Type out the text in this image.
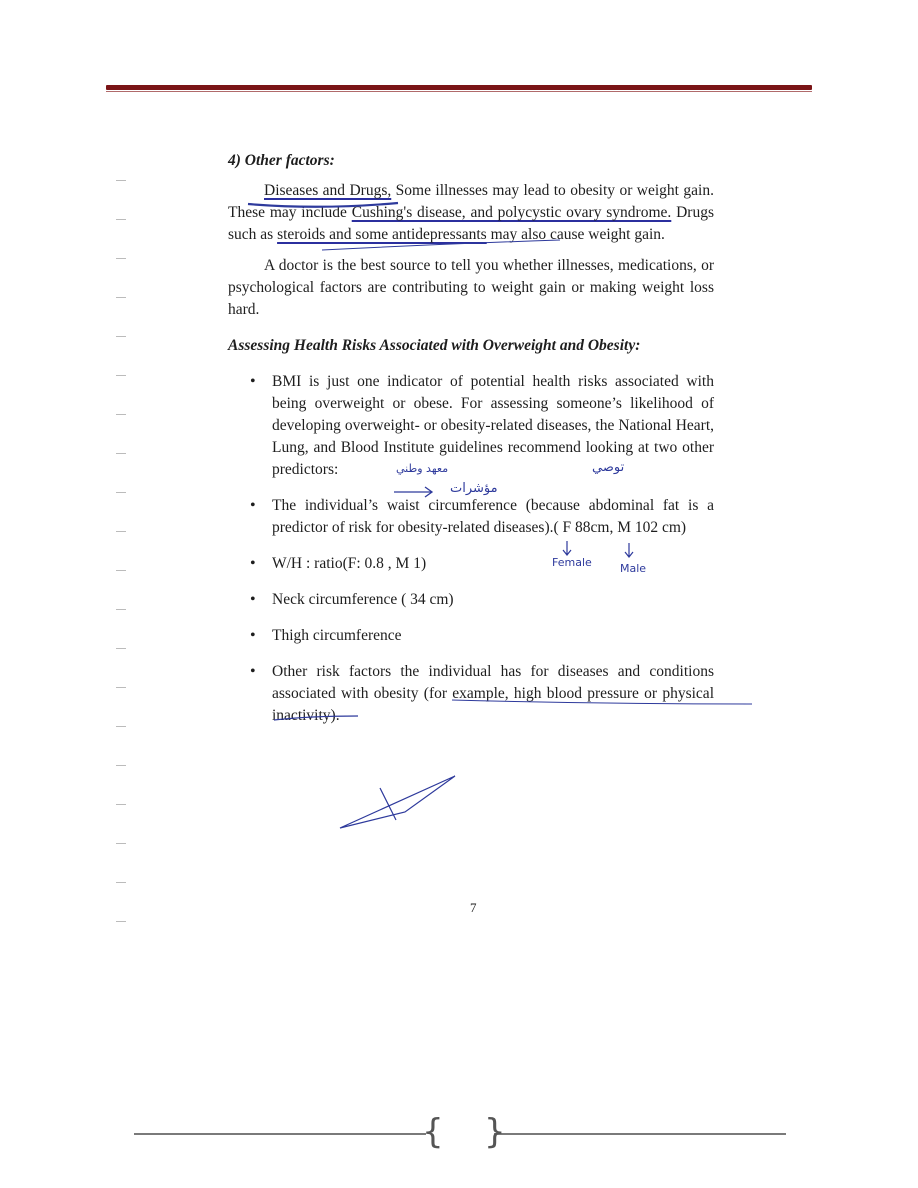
4) Other factors:

Diseases and Drugs, Some illnesses may lead to obesity or weight gain. These may include Cushing's disease, and polycystic ovary syndrome. Drugs such as steroids and some antidepressants may also cause weight gain.

A doctor is the best source to tell you whether illnesses, medications, or psychological factors are contributing to weight gain or making weight loss hard.

Assessing Health Risks Associated with Overweight and Obesity:

• BMI is just one indicator of potential health risks associated with being overweight or obese. For assessing someone’s likelihood of developing overweight- or obesity-related diseases, the National Heart, Lung, and Blood Institute guidelines recommend looking at two other predictors:
• The individual’s waist circumference (because abdominal fat is a predictor of risk for obesity-related diseases).( F 88cm, M 102 cm)
• W/H : ratio(F: 0.8 , M 1)
• Neck circumference ( 34 cm)
• Thigh circumference
• Other risk factors the individual has for diseases and conditions associated with obesity (for example, high blood pressure or physical inactivity).
معهد وطني
مؤشرات
توصي
Female	Male
7
{ }
